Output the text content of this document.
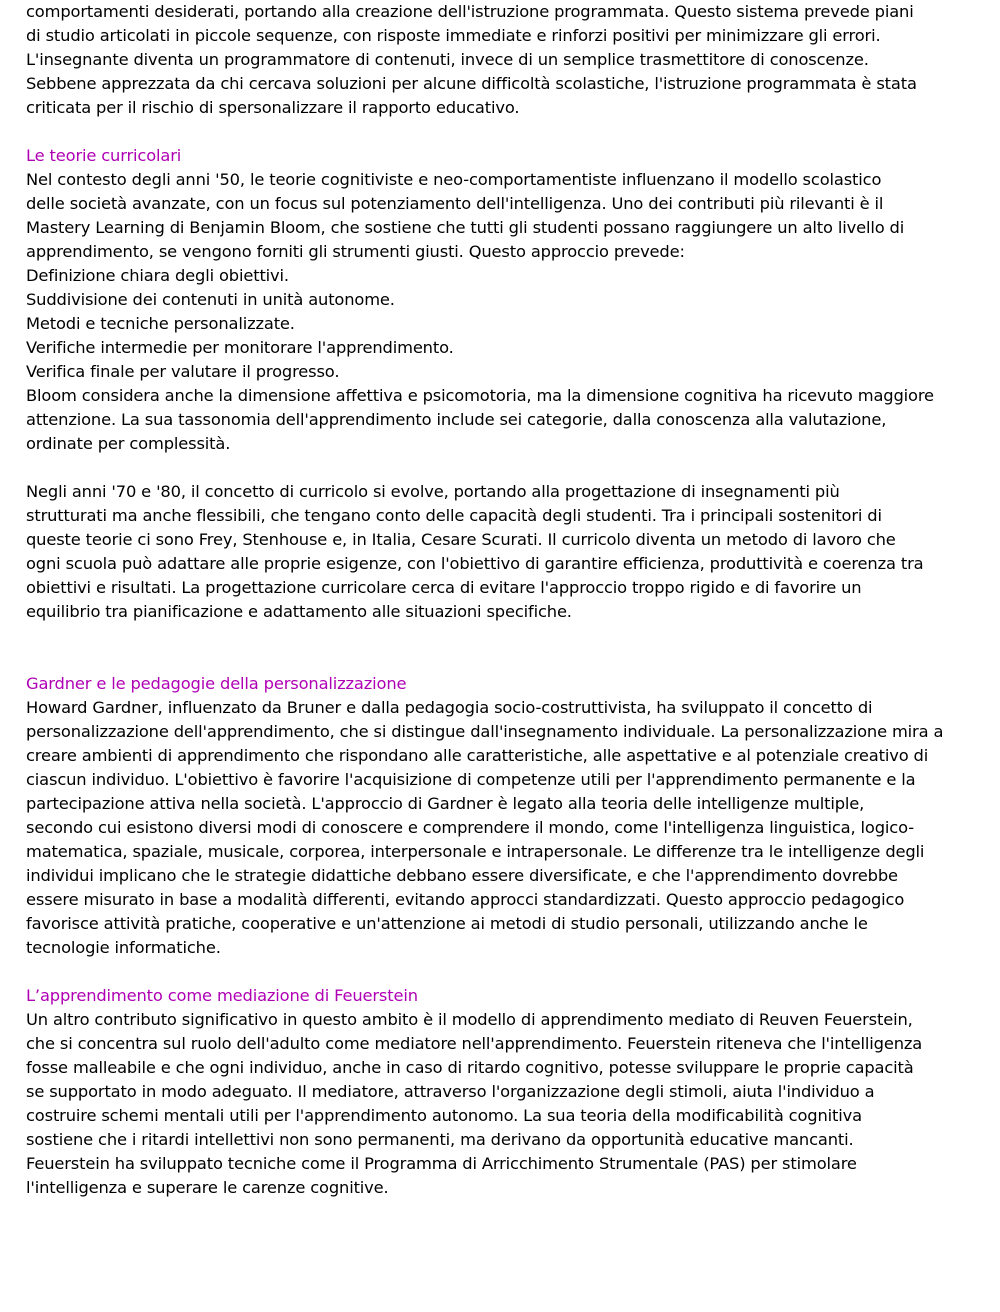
comportamenti desiderati, portando alla creazione dell'istruzione programmata. Questo sistema prevede piani
di studio articolati in piccole sequenze, con risposte immediate e rinforzi positivi per minimizzare gli errori.
L'insegnante diventa un programmatore di contenuti, invece di un semplice trasmettitore di conoscenze.
Sebbene apprezzata da chi cercava soluzioni per alcune difficoltà scolastiche, l'istruzione programmata è stata
criticata per il rischio di spersonalizzare il rapporto educativo.
Le teorie curricolari
Nel contesto degli anni '50, le teorie cognitiviste e neo-comportamentiste influenzano il modello scolastico
delle società avanzate, con un focus sul potenziamento dell'intelligenza. Uno dei contributi più rilevanti è il
Mastery Learning di Benjamin Bloom, che sostiene che tutti gli studenti possano raggiungere un alto livello di
apprendimento, se vengono forniti gli strumenti giusti. Questo approccio prevede:
Definizione chiara degli obiettivi.
Suddivisione dei contenuti in unità autonome.
Metodi e tecniche personalizzate.
Verifiche intermedie per monitorare l'apprendimento.
Verifica finale per valutare il progresso.
Bloom considera anche la dimensione affettiva e psicomotoria, ma la dimensione cognitiva ha ricevuto maggiore
attenzione. La sua tassonomia dell'apprendimento include sei categorie, dalla conoscenza alla valutazione,
ordinate per complessità.
Negli anni '70 e '80, il concetto di curricolo si evolve, portando alla progettazione di insegnamenti più
strutturati ma anche flessibili, che tengano conto delle capacità degli studenti. Tra i principali sostenitori di
queste teorie ci sono Frey, Stenhouse e, in Italia, Cesare Scurati. Il curricolo diventa un metodo di lavoro che
ogni scuola può adattare alle proprie esigenze, con l'obiettivo di garantire efficienza, produttività e coerenza tra
obiettivi e risultati. La progettazione curricolare cerca di evitare l'approccio troppo rigido e di favorire un
equilibrio tra pianificazione e adattamento alle situazioni specifiche.
Gardner e le pedagogie della personalizzazione
Howard Gardner, influenzato da Bruner e dalla pedagogia socio-costruttivista, ha sviluppato il concetto di
personalizzazione dell'apprendimento, che si distingue dall'insegnamento individuale. La personalizzazione mira a
creare ambienti di apprendimento che rispondano alle caratteristiche, alle aspettative e al potenziale creativo di
ciascun individuo. L'obiettivo è favorire l'acquisizione di competenze utili per l'apprendimento permanente e la
partecipazione attiva nella società. L'approccio di Gardner è legato alla teoria delle intelligenze multiple,
secondo cui esistono diversi modi di conoscere e comprendere il mondo, come l'intelligenza linguistica, logico-
matematica, spaziale, musicale, corporea, interpersonale e intrapersonale. Le differenze tra le intelligenze degli
individui implicano che le strategie didattiche debbano essere diversificate, e che l'apprendimento dovrebbe
essere misurato in base a modalità differenti, evitando approcci standardizzati. Questo approccio pedagogico
favorisce attività pratiche, cooperative e un'attenzione ai metodi di studio personali, utilizzando anche le
tecnologie informatiche.
L’apprendimento come mediazione di Feuerstein
Un altro contributo significativo in questo ambito è il modello di apprendimento mediato di Reuven Feuerstein,
che si concentra sul ruolo dell'adulto come mediatore nell'apprendimento. Feuerstein riteneva che l'intelligenza
fosse malleabile e che ogni individuo, anche in caso di ritardo cognitivo, potesse sviluppare le proprie capacità
se supportato in modo adeguato. Il mediatore, attraverso l'organizzazione degli stimoli, aiuta l'individuo a
costruire schemi mentali utili per l'apprendimento autonomo. La sua teoria della modificabilità cognitiva
sostiene che i ritardi intellettivi non sono permanenti, ma derivano da opportunità educative mancanti.
Feuerstein ha sviluppato tecniche come il Programma di Arricchimento Strumentale (PAS) per stimolare
l'intelligenza e superare le carenze cognitive.
